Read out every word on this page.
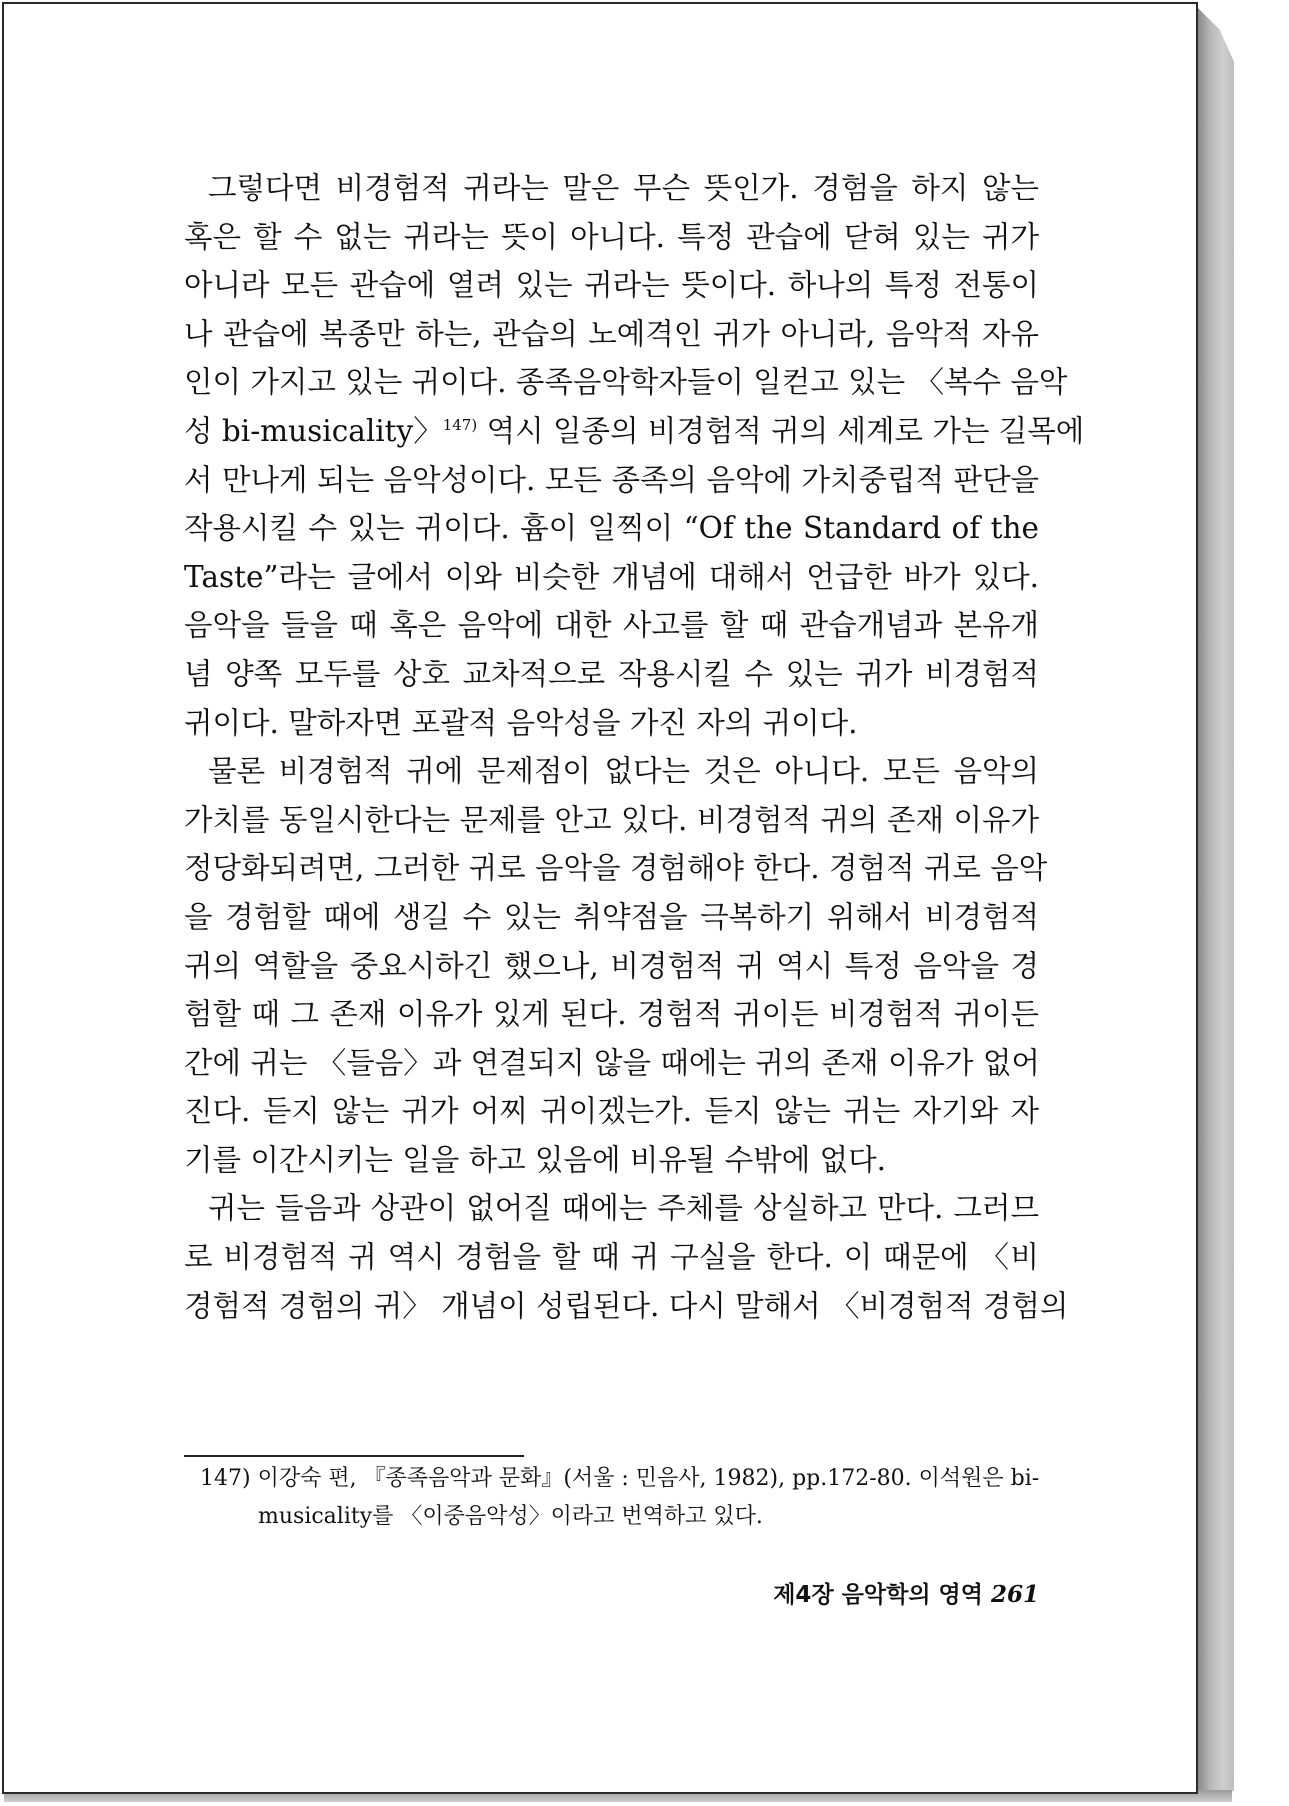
그렇다면 비경험적 귀라는 말은 무슨 뜻인가. 경험을 하지 않는
혹은 할 수 없는 귀라는 뜻이 아니다. 특정 관습에 닫혀 있는 귀가
아니라 모든 관습에 열려 있는 귀라는 뜻이다. 하나의 특정 전통이
나 관습에 복종만 하는, 관습의 노예격인 귀가 아니라, 음악적 자유
인이 가지고 있는 귀이다. 종족음악학자들이 일컫고 있는 〈복수 음악
성 bi-musicality〉$^{147)}$ 역시 일종의 비경험적 귀의 세계로 가는 길목에
서 만나게 되는 음악성이다. 모든 종족의 음악에 가치중립적 판단을
작용시킬 수 있는 귀이다. 흄이 일찍이 “Of the Standard of the
Taste”라는 글에서 이와 비슷한 개념에 대해서 언급한 바가 있다.
음악을 들을 때 혹은 음악에 대한 사고를 할 때 관습개념과 본유개
념 양쪽 모두를 상호 교차적으로 작용시킬 수 있는 귀가 비경험적
귀이다. 말하자면 포괄적 음악성을 가진 자의 귀이다.
물론 비경험적 귀에 문제점이 없다는 것은 아니다. 모든 음악의
가치를 동일시한다는 문제를 안고 있다. 비경험적 귀의 존재 이유가
정당화되려면, 그러한 귀로 음악을 경험해야 한다. 경험적 귀로 음악
을 경험할 때에 생길 수 있는 취약점을 극복하기 위해서 비경험적
귀의 역할을 중요시하긴 했으나, 비경험적 귀 역시 특정 음악을 경
험할 때 그 존재 이유가 있게 된다. 경험적 귀이든 비경험적 귀이든
간에 귀는 〈들음〉과 연결되지 않을 때에는 귀의 존재 이유가 없어
진다. 듣지 않는 귀가 어찌 귀이겠는가. 듣지 않는 귀는 자기와 자
기를 이간시키는 일을 하고 있음에 비유될 수밖에 없다.
귀는 들음과 상관이 없어질 때에는 주체를 상실하고 만다. 그러므
로 비경험적 귀 역시 경험을 할 때 귀 구실을 한다. 이 때문에 〈비
경험적 경험의 귀〉 개념이 성립된다. 다시 말해서 〈비경험적 경험의
147) 이강숙 편, 『종족음악과 문화』(서울 : 민음사, 1982), pp.172-80. 이석원은 bi-
musicality를 〈이중음악성〉이라고 번역하고 있다.
제4장 음악학의 영역 261
